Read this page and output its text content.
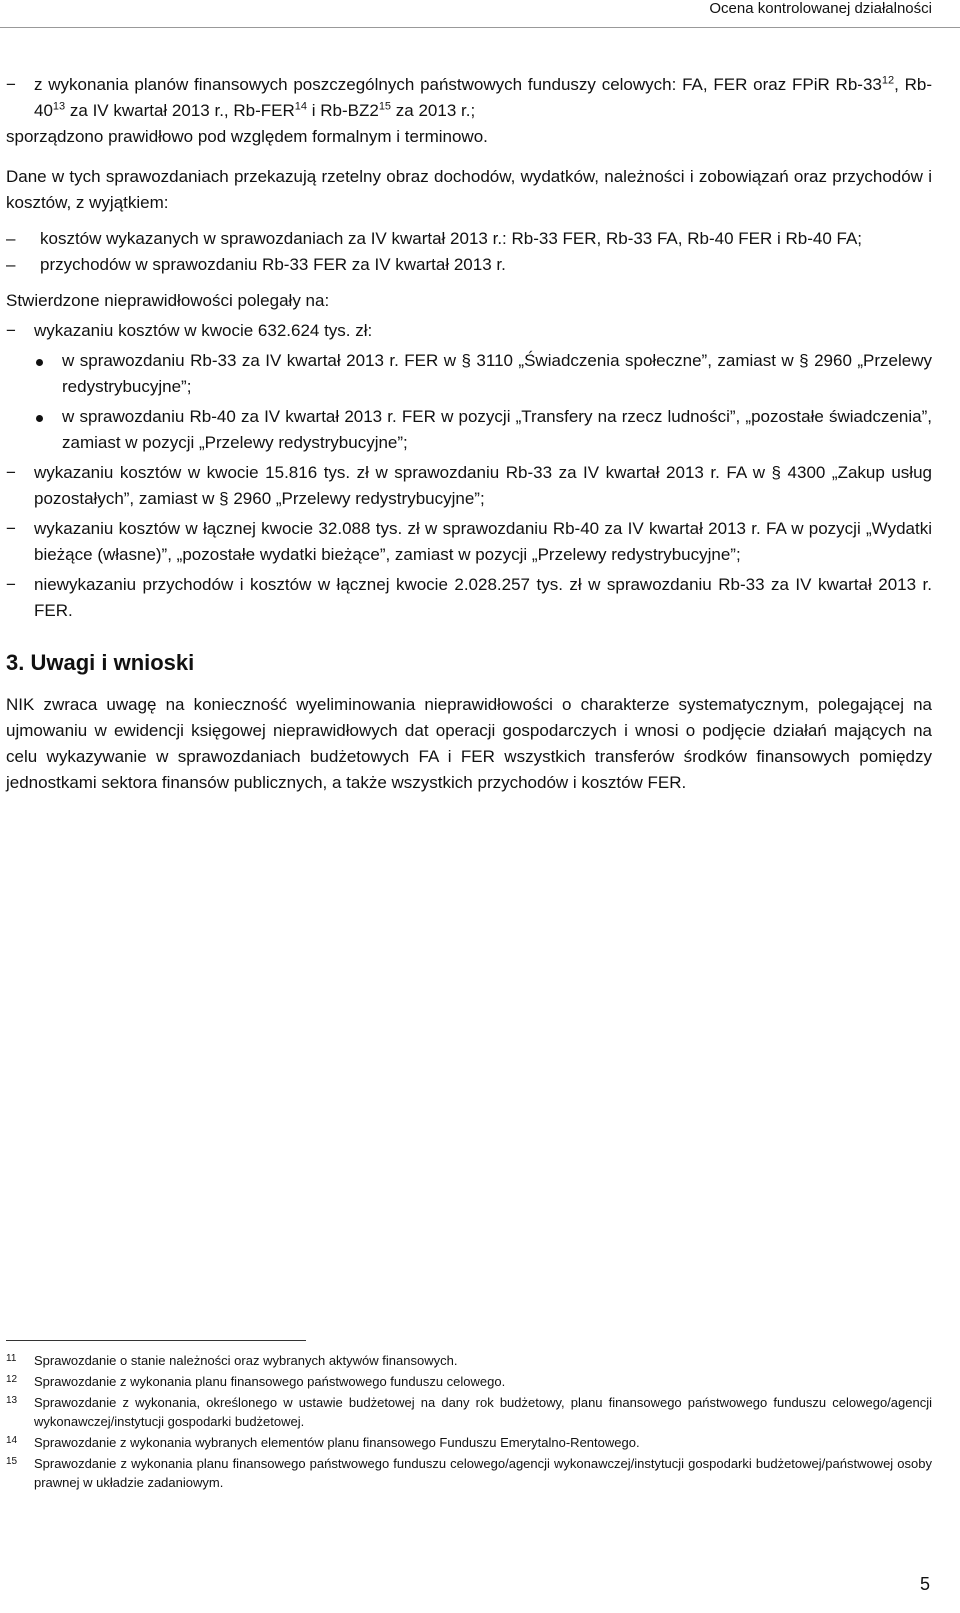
Ocena kontrolowanej działalności
−	z wykonania planów finansowych poszczególnych państwowych funduszy celowych: FA, FER oraz FPiR $Rb-33^{12}$, $Rb-40^{13}$ za IV kwartał 2013 r., Rb-FER$^{14}$ i $Rb-BZ2^{15}$ za 2013 r.;

sporządzono prawidłowo pod względem formalnym i terminowo.

Dane w tych sprawozdaniach przekazują rzetelny obraz dochodów, wydatków, należności i zobowiązań oraz przychodów i kosztów, z wyjątkiem:

–	kosztów wykazanych w sprawozdaniach za IV kwartał 2013 r.: Rb-33 FER, Rb-33 FA, Rb-40 FER i Rb-40 FA;
–	przychodów w sprawozdaniu Rb-33 FER za IV kwartał 2013 r.

Stwierdzone nieprawidłowości polegały na:

−	wykazaniu kosztów w kwocie 632.624 tys. zł:
w sprawozdaniu Rb-33 za IV kwartał 2013 r. FER w § 3110 „Świadczenia społeczne”, zamiast w § 2960 „Przelewy redystrybucyjne”;
w sprawozdaniu Rb-40 za IV kwartał 2013 r. FER w pozycji „Transfery na rzecz ludności”, „pozostałe świadczenia”, zamiast w pozycji „Przelewy redystrybucyjne”;
−	wykazaniu kosztów w kwocie 15.816 tys. zł w sprawozdaniu Rb-33 za IV kwartał 2013 r. FA w § 4300 „Zakup usług pozostałych”, zamiast w § 2960 „Przelewy redystrybucyjne”;
−	wykazaniu kosztów w łącznej kwocie 32.088 tys. zł w sprawozdaniu Rb-40 za IV kwartał 2013 r. FA w pozycji „Wydatki bieżące (własne)”, „pozostałe wydatki bieżące”, zamiast w pozycji „Przelewy redystrybucyjne”;
−	niewykazaniu przychodów i kosztów w łącznej kwocie 2.028.257 tys. zł w sprawozdaniu Rb-33 za IV kwartał 2013 r. FER.
3. Uwagi i wnioski

NIK zwraca uwagę na konieczność wyeliminowania nieprawidłowości o charakterze systematycznym, polegającej na ujmowaniu w ewidencji księgowej nieprawidłowych dat operacji gospodarczych i wnosi o podjęcie działań mających na celu wykazywanie w sprawozdaniach budżetowych FA i FER wszystkich transferów środków finansowych pomiędzy jednostkami sektora finansów publicznych, a także wszystkich przychodów i kosztów FER.

11 Sprawozdanie o stanie należności oraz wybranych aktywów finansowych.
12 Sprawozdanie z wykonania planu finansowego państwowego funduszu celowego.
13 Sprawozdanie z wykonania, określonego w ustawie budżetowej na dany rok budżetowy, planu finansowego państwowego funduszu celowego/agencji wykonawczej/instytucji gospodarki budżetowej.
14 Sprawozdanie z wykonania wybranych elementów planu finansowego Funduszu Emerytalno-Rentowego.
15 Sprawozdanie z wykonania planu finansowego państwowego funduszu celowego/agencji wykonawczej/instytucji gospodarki budżetowej/państwowej osoby prawnej w układzie zadaniowym.
5
